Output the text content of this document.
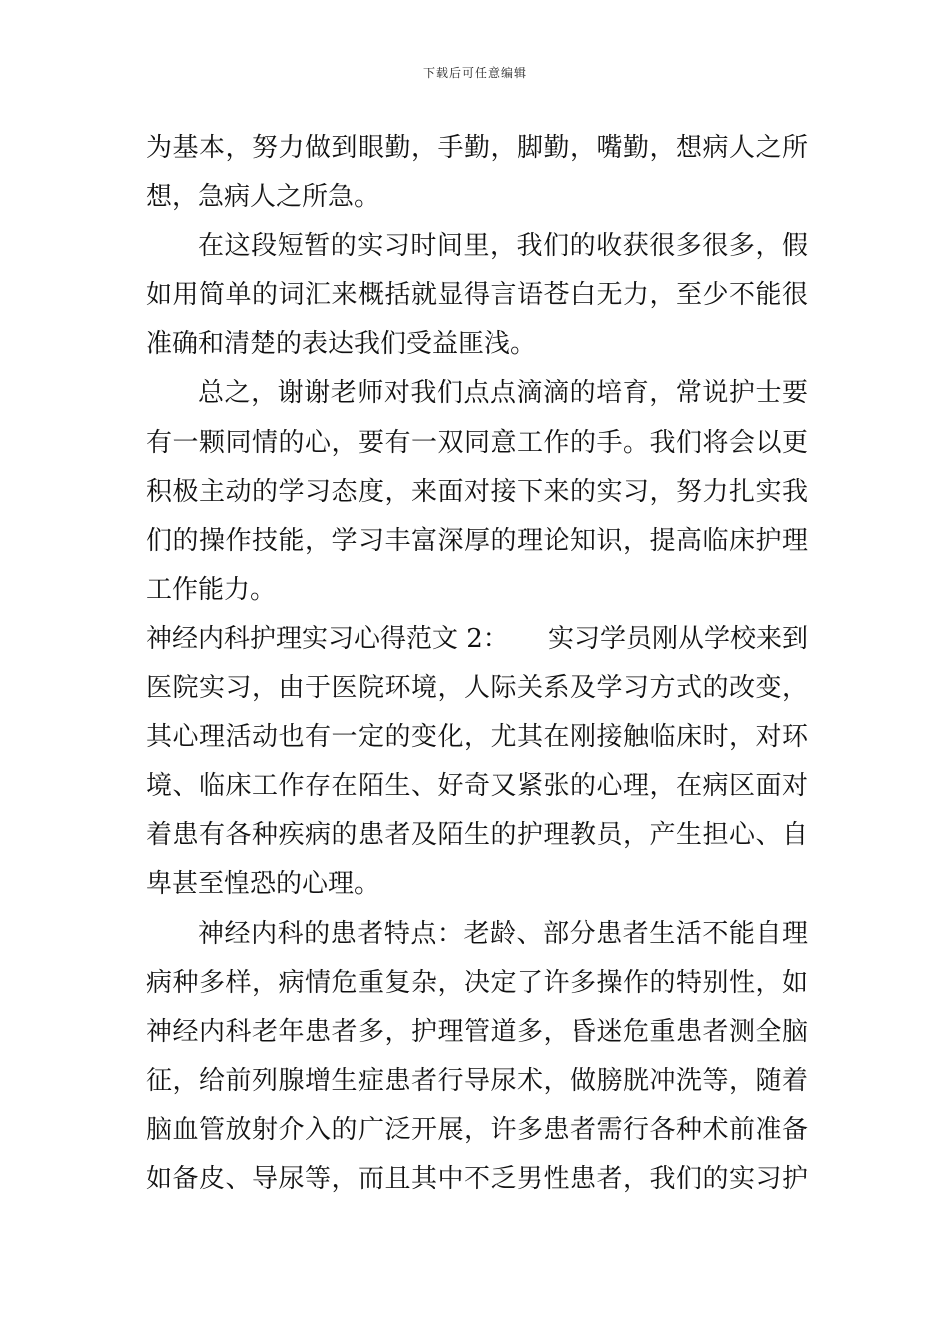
下载后可任意编辑
为基本，努力做到眼勤，手勤，脚勤，嘴勤，想病人之所
想，急病人之所急。
在这段短暂的实习时间里，我们的收获很多很多，假
如用简单的词汇来概括就显得言语苍白无力，至少不能很
准确和清楚的表达我们受益匪浅。
总之，谢谢老师对我们点点滴滴的培育，常说护士要
有一颗同情的心，要有一双同意工作的手。我们将会以更
积极主动的学习态度，来面对接下来的实习，努力扎实我
们的操作技能，学习丰富深厚的理论知识，提高临床护理
工作能力。
神经内科护理实习心得范文 2： 实习学员刚从学校来到
医院实习，由于医院环境，人际关系及学习方式的改变，
其心理活动也有一定的变化，尤其在刚接触临床时，对环
境、临床工作存在陌生、好奇又紧张的心理，在病区面对
着患有各种疾病的患者及陌生的护理教员，产生担心、自
卑甚至惶恐的心理。
神经内科的患者特点：老龄、部分患者生活不能自理
病种多样，病情危重复杂，决定了许多操作的特别性，如
神经内科老年患者多，护理管道多，昏迷危重患者测全脑
征，给前列腺增生症患者行导尿术，做膀胱冲洗等，随着
脑血管放射介入的广泛开展，许多患者需行各种术前准备
如备皮、导尿等，而且其中不乏男性患者，我们的实习护
